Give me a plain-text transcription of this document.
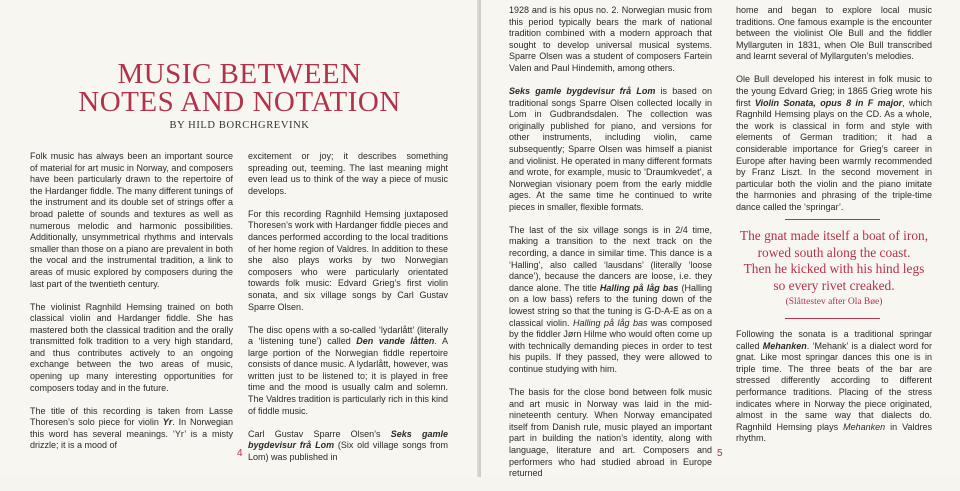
MUSIC BETWEEN
NOTES AND NOTATION
BY HILD BORCHGREVINK

Folk music has always been an important source of material for art music in Norway, and composers have been particularly drawn to the repertoire of the Hardanger fiddle. The many different tunings of the instrument and its double set of strings offer a broad palette of sounds and textures as well as numerous melodic and harmonic possibilities. Additionally, unsymmetrical rhythms and intervals smaller than those on a piano are prevalent in both the vocal and the instrumental tradition, a link to areas of music explored by composers during the last part of the twentieth century.

The violinist Ragnhild Hemsing trained on both classical violin and Hardanger fiddle. She has mastered both the classical tradition and the orally transmitted folk tradition to a very high standard, and thus contributes actively to an ongoing exchange between the two areas of music, opening up many interesting opportunities for composers today and in the future.

The title of this recording is taken from Lasse Thoresen’s solo piece for violin Yr. In Norwegian this word has several meanings. ‘Yr’ is a misty drizzle; it is a mood of

excitement or joy; it describes something spreading out, teeming. The last meaning might even lead us to think of the way a piece of music develops.

For this recording Ragnhild Hemsing juxtaposed Thoresen’s work with Hardanger fiddle pieces and dances performed according to the local traditions of her home region of Valdres. In addition to these she also plays works by two Norwegian composers who were particularly orientated towards folk music: Edvard Grieg’s first violin sonata, and six village songs by Carl Gustav Sparre Olsen.

The disc opens with a so-called ‘lydarlått’ (literally a ‘listening tune’) called Den vande låtten. A large portion of the Norwegian fiddle repertoire consists of dance music. A lydarlått, however, was written just to be listened to; it is played in free time and the mood is usually calm and solemn. The Valdres tradition is particularly rich in this kind of fiddle music.

Carl Gustav Sparre Olsen’s Seks gamle bygdevisur frå Lom (Six old village songs from Lom) was published in

4

1928 and is his opus no. 2. Norwegian music from this period typically bears the mark of national tradition combined with a modern approach that sought to develop universal musical systems. Sparre Olsen was a student of composers Fartein Valen and Paul Hindemith, among others.

Seks gamle bygdevisur frå Lom is based on traditional songs Sparre Olsen collected locally in Lom in Gudbrandsdalen. The collection was originally published for piano, and versions for other instruments, including violin, came subsequently; Sparre Olsen was himself a pianist and violinist. He operated in many different formats and wrote, for example, music to ‘Draumkvedet’, a Norwegian visionary poem from the early middle ages. At the same time he continued to write pieces in smaller, flexible formats.

The last of the six village songs is in 2/4 time, making a transition to the next track on the recording, a dance in similar time. This dance is a ‘Halling’, also called ‘lausdans’ (literally ‘loose dance’), because the dancers are loose, i.e. they dance alone. The title Halling på låg bas (Halling on a low bass) refers to the tuning down of the lowest string so that the tuning is G-D-A-E as on a classical violin. Halling på låg bas was composed by the fiddler Jørn Hilme who would often come up with technically demanding pieces in order to test his pupils. If they passed, they were allowed to continue studying with him.

The basis for the close bond between folk music and art music in Norway was laid in the mid-nineteenth century. When Norway emancipated itself from Danish rule, music played an important part in building the nation’s identity, along with language, literature and art. Composers and performers who had studied abroad in Europe returned

home and began to explore local music traditions. One famous example is the encounter between the violinist Ole Bull and the fiddler Myllarguten in 1831, when Ole Bull transcribed and learnt several of Myllarguten’s melodies.

Ole Bull developed his interest in folk music to the young Edvard Grieg; in 1865 Grieg wrote his first Violin Sonata, opus 8 in F major, which Ragnhild Hemsing plays on the CD. As a whole, the work is classical in form and style with elements of German tradition; it had a considerable importance for Grieg’s career in Europe after having been warmly recommended by Franz Liszt. In the second movement in particular both the violin and the piano imitate the harmonies and phrasing of the triple-time dance called the ‘springar’.

The gnat made itself a boat of iron,
rowed south along the coast.
Then he kicked with his hind legs
so every rivet creaked.
(Slåttestev after Ola Bøe)

Following the sonata is a traditional springar called Mehanken. ‘Mehank’ is a dialect word for gnat. Like most springar dances this one is in triple time. The three beats of the bar are stressed differently according to different performance traditions. Placing of the stress indicates where in Norway the piece originated, almost in the same way that dialects do. Ragnhild Hemsing plays Mehanken in Valdres rhythm.

5
